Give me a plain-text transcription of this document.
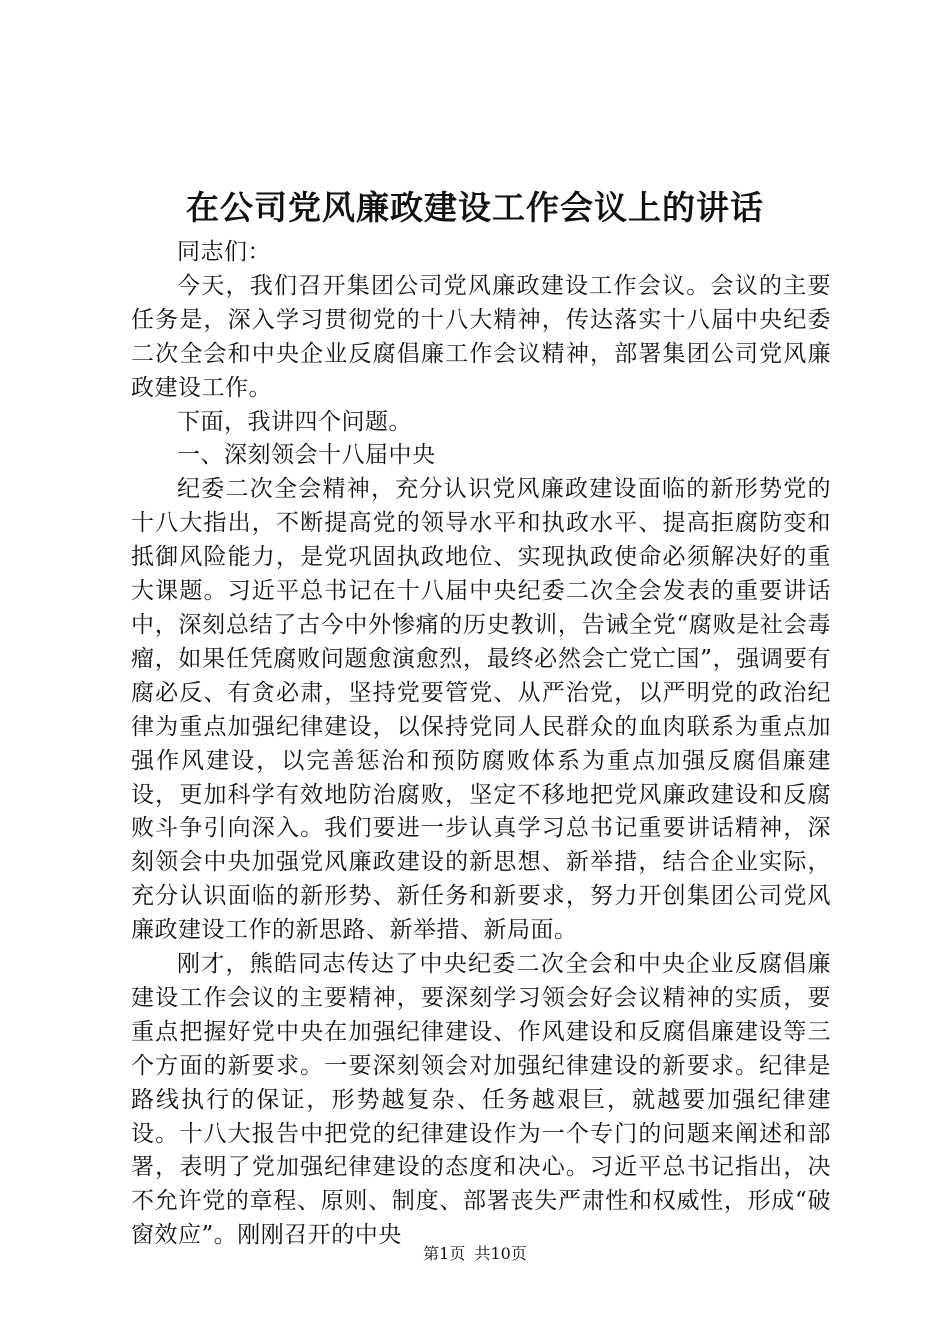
在公司党风廉政建设工作会议上的讲话

同志们：

今天，我们召开集团公司党风廉政建设工作会议。会议的主要任务是，深入学习贯彻党的十八大精神，传达落实十八届中央纪委二次全会和中央企业反腐倡廉工作会议精神，部署集团公司党风廉政建设工作。

下面，我讲四个问题。

一、深刻领会十八届中央

纪委二次全会精神，充分认识党风廉政建设面临的新形势党的十八大指出，不断提高党的领导水平和执政水平、提高拒腐防变和抵御风险能力，是党巩固执政地位、实现执政使命必须解决好的重大课题。习近平总书记在十八届中央纪委二次全会发表的重要讲话中，深刻总结了古今中外惨痛的历史教训，告诫全党“腐败是社会毒瘤，如果任凭腐败问题愈演愈烈，最终必然会亡党亡国”，强调要有腐必反、有贪必肃，坚持党要管党、从严治党，以严明党的政治纪律为重点加强纪律建设，以保持党同人民群众的血肉联系为重点加强作风建设，以完善惩治和预防腐败体系为重点加强反腐倡廉建设，更加科学有效地防治腐败，坚定不移地把党风廉政建设和反腐败斗争引向深入。我们要进一步认真学习总书记重要讲话精神，深刻领会中央加强党风廉政建设的新思想、新举措，结合企业实际，充分认识面临的新形势、新任务和新要求，努力开创集团公司党风廉政建设工作的新思路、新举措、新局面。

刚才，熊皓同志传达了中央纪委二次全会和中央企业反腐倡廉建设工作会议的主要精神，要深刻学习领会好会议精神的实质，要重点把握好党中央在加强纪律建设、作风建设和反腐倡廉建设等三个方面的新要求。一要深刻领会对加强纪律建设的新要求。纪律是路线执行的保证，形势越复杂、任务越艰巨，就越要加强纪律建设。十八大报告中把党的纪律建设作为一个专门的问题来阐述和部署，表明了党加强纪律建设的态度和决心。习近平总书记指出，决不允许党的章程、原则、制度、部署丧失严肃性和权威性，形成“破窗效应”。刚刚召开的中央

第1页 共10页
